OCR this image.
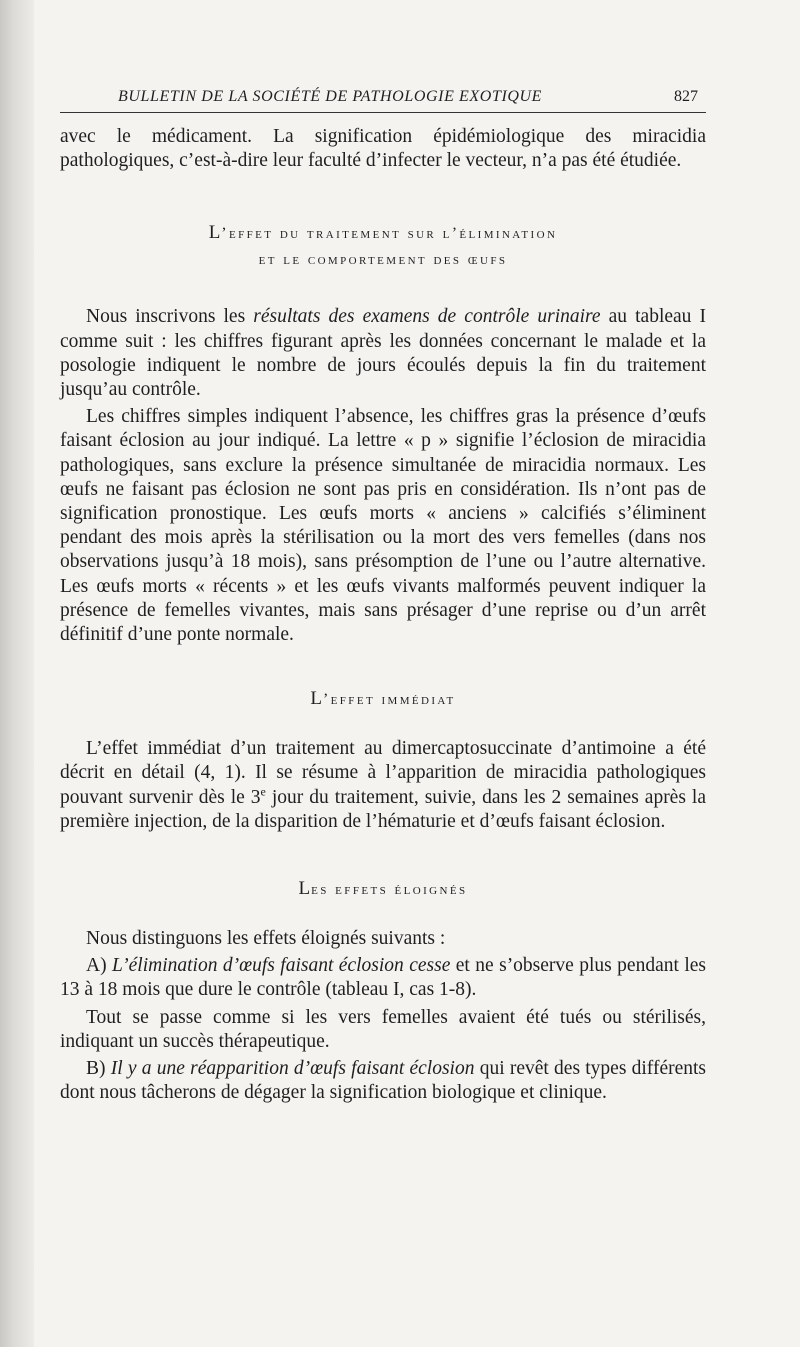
BULLETIN DE LA SOCIÉTÉ DE PATHOLOGIE EXOTIQUE	827

avec le médicament. La signification épidémiologique des miracidia pathologiques, c’est-à-dire leur faculté d’infecter le vecteur, n’a pas été étudiée.

L’effet du traitement sur l’élimination
et le comportement des œufs

Nous inscrivons les résultats des examens de contrôle urinaire au tableau I comme suit : les chiffres figurant après les données concernant le malade et la posologie indiquent le nombre de jours écoulés depuis la fin du traitement jusqu’au contrôle.

Les chiffres simples indiquent l’absence, les chiffres gras la présence d’œufs faisant éclosion au jour indiqué. La lettre « p » signifie l’éclosion de miracidia pathologiques, sans exclure la présence simultanée de miracidia normaux. Les œufs ne faisant pas éclosion ne sont pas pris en considération. Ils n’ont pas de signification pronostique. Les œufs morts « anciens » calcifiés s’éliminent pendant des mois après la stérilisation ou la mort des vers femelles (dans nos observations jusqu’à 18 mois), sans présomption de l’une ou l’autre alternative. Les œufs morts « récents » et les œufs vivants malformés peuvent indiquer la présence de femelles vivantes, mais sans présager d’une reprise ou d’un arrêt définitif d’une ponte normale.

L’effet immédiat

L’effet immédiat d’un traitement au dimercaptosuccinate d’antimoine a été décrit en détail (4, 1). Il se résume à l’apparition de miracidia pathologiques pouvant survenir dès le 3e jour du traitement, suivie, dans les 2 semaines après la première injection, de la disparition de l’hématurie et d’œufs faisant éclosion.

Les effets éloignés

Nous distinguons les effets éloignés suivants :

A) L’élimination d’œufs faisant éclosion cesse et ne s’observe plus pendant les 13 à 18 mois que dure le contrôle (tableau I, cas 1-8).

Tout se passe comme si les vers femelles avaient été tués ou stérilisés, indiquant un succès thérapeutique.

B) Il y a une réapparition d’œufs faisant éclosion qui revêt des types différents dont nous tâcherons de dégager la signification biologique et clinique.
